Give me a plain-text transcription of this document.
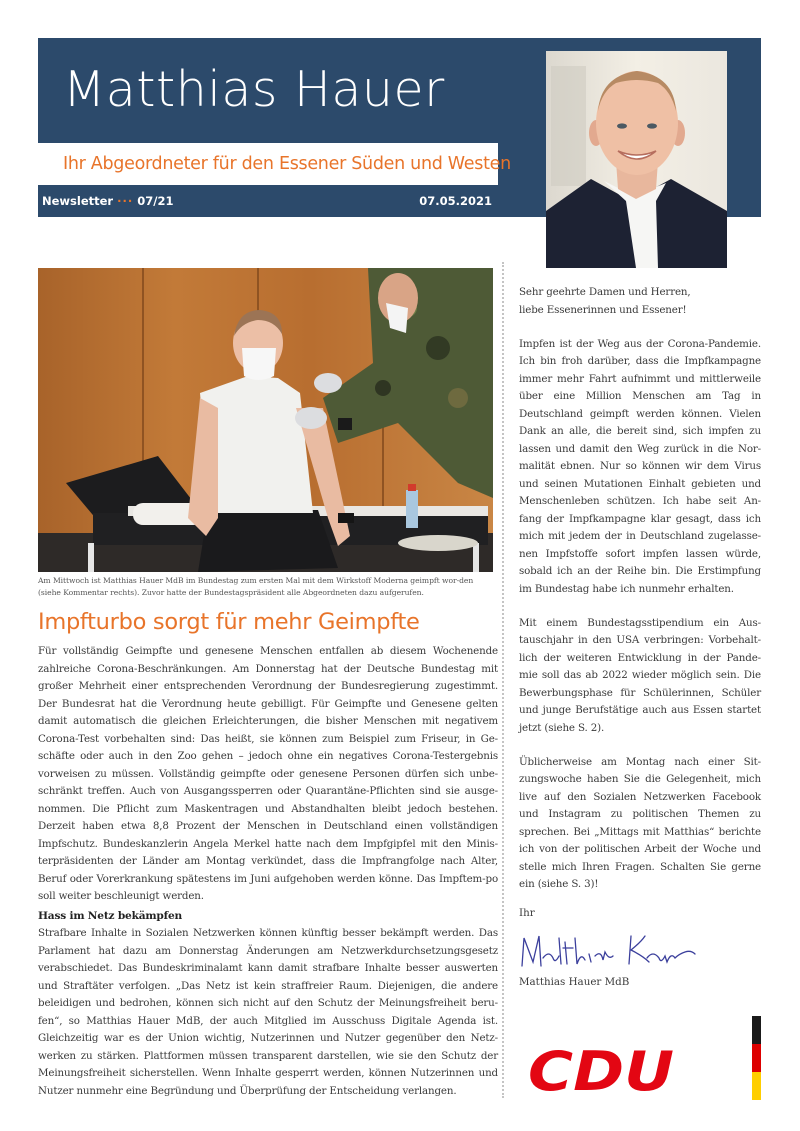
Matthias Hauer
Ihr Abgeordneter für den Essener Süden und Westen
Newsletter ··· 07/21	07.05.2021
Am Mittwoch ist Matthias Hauer MdB im Bundestag zum ersten Mal mit dem Wirkstoff Moderna geimpft wor-den (siehe Kommentar rechts). Zuvor hatte der Bundestagspräsident alle Abgeordneten dazu aufgerufen.
Impfturbo sorgt für mehr Geimpfte
Für vollständig Geimpfte und genesene Menschen entfallen ab diesem Wochenende zahlreiche Corona-Beschränkungen. Am Donnerstag hat der Deutsche Bundestag mit großer Mehrheit einer entsprechenden Verordnung der Bundesregierung zugestimmt. Der Bundesrat hat die Verordnung heute gebilligt. Für Geimpfte und Genesene gelten damit automatisch die gleichen Erleichterungen, die bisher Menschen mit negativem Corona-Test vorbehalten sind: Das heißt, sie können zum Beispiel zum Friseur, in Ge-schäfte oder auch in den Zoo gehen – jedoch ohne ein negatives Corona-Testergebnis vorweisen zu müssen. Vollständig geimpfte oder genesene Personen dürfen sich unbe-schränkt treffen. Auch von Ausgangssperren oder Quarantäne-Pflichten sind sie ausge-nommen. Die Pflicht zum Maskentragen und Abstandhalten bleibt jedoch bestehen. Derzeit haben etwa 8,8 Prozent der Menschen in Deutschland einen vollständigen Impfschutz. Bundeskanzlerin Angela Merkel hatte nach dem Impfgipfel mit den Minis-terpräsidenten der Länder am Montag verkündet, dass die Impfrangfolge nach Alter, Beruf oder Vorerkrankung spätestens im Juni aufgehoben werden könne. Das Impftem-po soll weiter beschleunigt werden.
Hass im Netz bekämpfen
Strafbare Inhalte in Sozialen Netzwerken können künftig besser bekämpft werden. Das Parlament hat dazu am Donnerstag Änderungen am Netzwerkdurchsetzungsgesetz verabschiedet. Das Bundeskriminalamt kann damit strafbare Inhalte besser auswerten und Straftäter verfolgen. „Das Netz ist kein straffreier Raum. Diejenigen, die andere beleidigen und bedrohen, können sich nicht auf den Schutz der Meinungsfreiheit beru-fen“, so Matthias Hauer MdB, der auch Mitglied im Ausschuss Digitale Agenda ist. Gleichzeitig war es der Union wichtig, Nutzerinnen und Nutzer gegenüber den Netz-werken zu stärken. Plattformen müssen transparent darstellen, wie sie den Schutz der Meinungsfreiheit sicherstellen. Wenn Inhalte gesperrt werden, können Nutzerinnen und Nutzer nunmehr eine Begründung und Überprüfung der Entscheidung verlangen.

Sehr geehrte Damen und Herren,
liebe Essenerinnen und Essener!

Impfen ist der Weg aus der Corona-Pandemie. Ich bin froh darüber, dass die Impfkampagne immer mehr Fahrt aufnimmt und mittlerweile über eine Million Menschen am Tag in Deutschland geimpft werden können. Vielen Dank an alle, die bereit sind, sich impfen zu lassen und damit den Weg zurück in die Nor-malität ebnen. Nur so können wir dem Virus und seinen Mutationen Einhalt gebieten und Menschenleben schützen. Ich habe seit An-fang der Impfkampagne klar gesagt, dass ich mich mit jedem der in Deutschland zugelasse-nen Impfstoffe sofort impfen lassen würde, sobald ich an der Reihe bin. Die Erstimpfung im Bundestag habe ich nunmehr erhalten.

Mit einem Bundestagsstipendium ein Aus-tauschjahr in den USA verbringen: Vorbehalt-lich der weiteren Entwicklung in der Pande-mie soll das ab 2022 wieder möglich sein. Die Bewerbungsphase für Schülerinnen, Schüler und junge Berufstätige auch aus Essen startet jetzt (siehe S. 2).

Üblicherweise am Montag nach einer Sit-zungswoche haben Sie die Gelegenheit, mich live auf den Sozialen Netzwerken Facebook und Instagram zu politischen Themen zu sprechen. Bei „Mittags mit Matthias“ berichte ich von der politischen Arbeit der Woche und stelle mich Ihren Fragen. Schalten Sie gerne ein (siehe S. 3)!

Ihr
Matthias Hauer MdB
CDU
